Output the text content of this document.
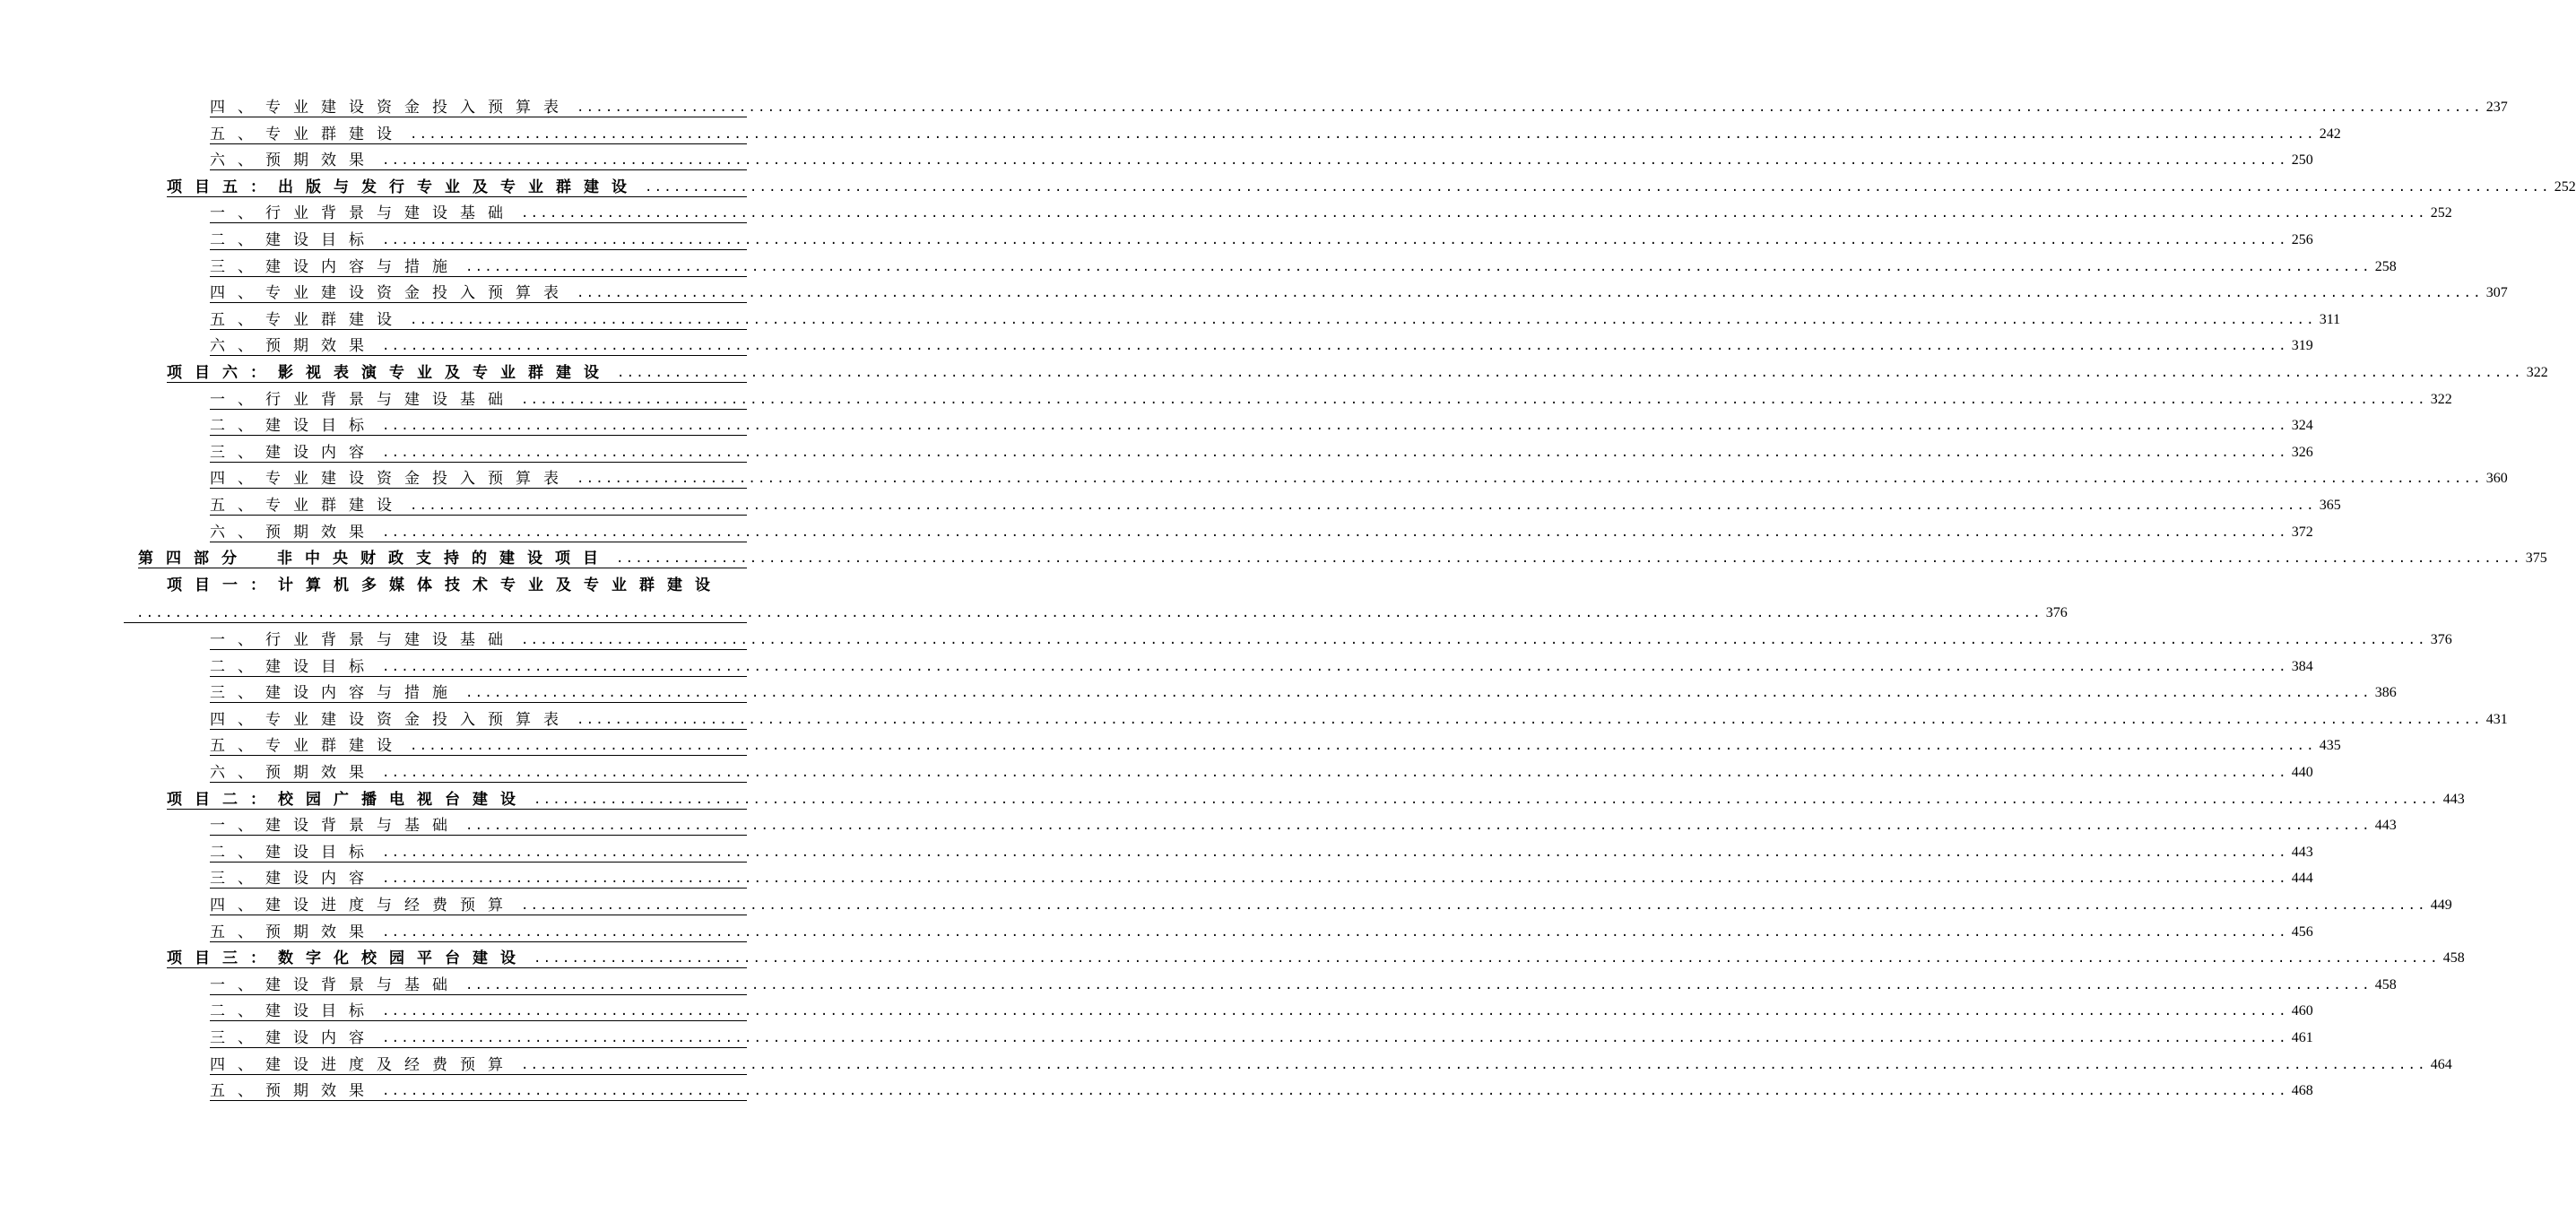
四、专业建设资金投入预算表 ........................................................................................................................................................................................................ 237
五、专业群建设 ........................................................................................................................................................................................................ 242
六、预期效果 ........................................................................................................................................................................................................ 250
项目五：出版与发行专业及专业群建设 ........................................................................................................................................................................................................ 252
一、行业背景与建设基础 ........................................................................................................................................................................................................ 252
二、建设目标 ........................................................................................................................................................................................................ 256
三、建设内容与措施 ........................................................................................................................................................................................................ 258
四、专业建设资金投入预算表 ........................................................................................................................................................................................................ 307
五、专业群建设 ........................................................................................................................................................................................................ 311
六、预期效果 ........................................................................................................................................................................................................ 319
项目六：影视表演专业及专业群建设 ........................................................................................................................................................................................................ 322
一、行业背景与建设基础 ........................................................................................................................................................................................................ 322
二、建设目标 ........................................................................................................................................................................................................ 324
三、建设内容 ........................................................................................................................................................................................................ 326
四、专业建设资金投入预算表 ........................................................................................................................................................................................................ 360
五、专业群建设 ........................................................................................................................................................................................................ 365
六、预期效果 ........................................................................................................................................................................................................ 372
第四部分　非中央财政支持的建设项目 ........................................................................................................................................................................................................ 375
项目一：计算机多媒体技术专业及专业群建设
........................................................................................................................................................................................................ 376
一、行业背景与建设基础 ........................................................................................................................................................................................................ 376
二、建设目标 ........................................................................................................................................................................................................ 384
三、建设内容与措施 ........................................................................................................................................................................................................ 386
四、专业建设资金投入预算表 ........................................................................................................................................................................................................ 431
五、专业群建设 ........................................................................................................................................................................................................ 435
六、预期效果 ........................................................................................................................................................................................................ 440
项目二：校园广播电视台建设 ........................................................................................................................................................................................................ 443
一、建设背景与基础 ........................................................................................................................................................................................................ 443
二、建设目标 ........................................................................................................................................................................................................ 443
三、建设内容 ........................................................................................................................................................................................................ 444
四、建设进度与经费预算 ........................................................................................................................................................................................................ 449
五、预期效果 ........................................................................................................................................................................................................ 456
项目三：数字化校园平台建设 ........................................................................................................................................................................................................ 458
一、建设背景与基础 ........................................................................................................................................................................................................ 458
二、建设目标 ........................................................................................................................................................................................................ 460
三、建设内容 ........................................................................................................................................................................................................ 461
四、建设进度及经费预算 ........................................................................................................................................................................................................ 464
五、预期效果 ........................................................................................................................................................................................................ 468
